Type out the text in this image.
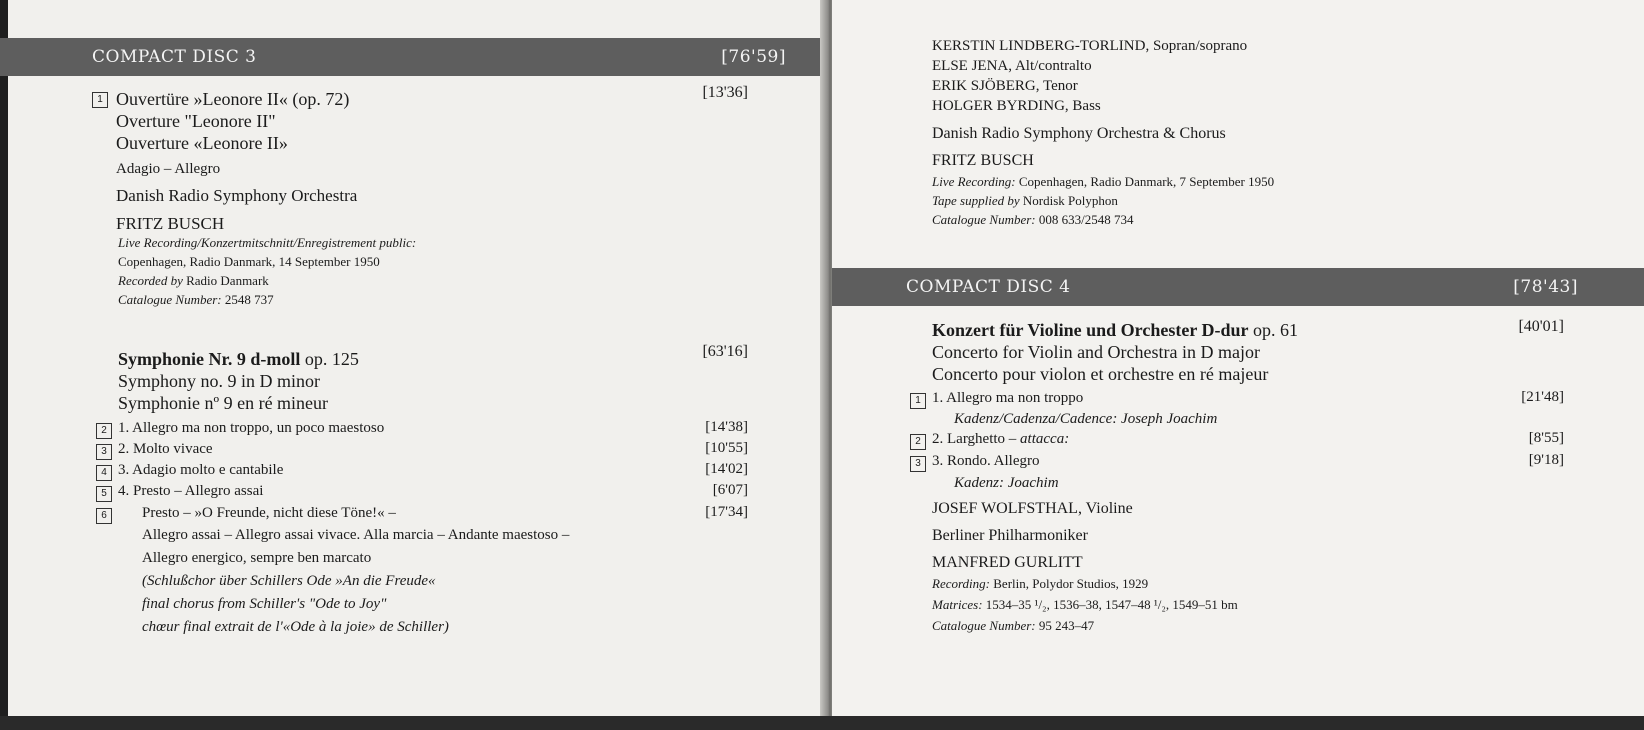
COMPACT DISC 3	[76'59]
1 Ouvertüre »Leonore II« (op. 72)
Overture "Leonore II"
Ouverture «Leonore II»
[13'36]
Adagio – Allegro
Danish Radio Symphony Orchestra
FRITZ BUSCH
Live Recording/Konzertmitschnitt/Enregistrement public:
Copenhagen, Radio Danmark, 14 September 1950
Recorded by Radio Danmark
Catalogue Number: 2548 737
Symphonie Nr. 9 d-moll op. 125
Symphony no. 9 in D minor
Symphonie nº 9 en ré mineur
[63'16]
2 1. Allegro ma non troppo, un poco maestoso	[14'38]
3 2. Molto vivace	[10'55]
4 3. Adagio molto e cantabile	[14'02]
5 4. Presto – Allegro assai	[6'07]
6	Presto – »O Freunde, nicht diese Töne!« –	[17'34]
Allegro assai – Allegro assai vivace. Alla marcia – Andante maestoso –
Allegro energico, sempre ben marcato
(Schlußchor über Schillers Ode »An die Freude«
final chorus from Schiller's "Ode to Joy"
chœur final extrait de l'«Ode à la joie» de Schiller)
KERSTIN LINDBERG-TORLIND, Sopran/soprano
ELSE JENA, Alt/contralto
ERIK SJÖBERG, Tenor
HOLGER BYRDING, Bass
Danish Radio Symphony Orchestra & Chorus
FRITZ BUSCH
Live Recording: Copenhagen, Radio Danmark, 7 September 1950
Tape supplied by Nordisk Polyphon
Catalogue Number: 008 633/2548 734
COMPACT DISC 4	[78'43]
Konzert für Violine und Orchester D-dur op. 61
Concerto for Violin and Orchestra in D major
Concerto pour violon et orchestre en ré majeur
[40'01]
1 1. Allegro ma non troppo	[21'48]
Kadenz/Cadenza/Cadence: Joseph Joachim
2 2. Larghetto – attacca:	[8'55]
3 3. Rondo. Allegro	[9'18]
Kadenz: Joachim
JOSEF WOLFSTHAL, Violine
Berliner Philharmoniker
MANFRED GURLITT
Recording: Berlin, Polydor Studios, 1929
Matrices: 1534–35 ¹/₂, 1536–38, 1547–48 ¹/₂, 1549–51 bm
Catalogue Number: 95 243–47
